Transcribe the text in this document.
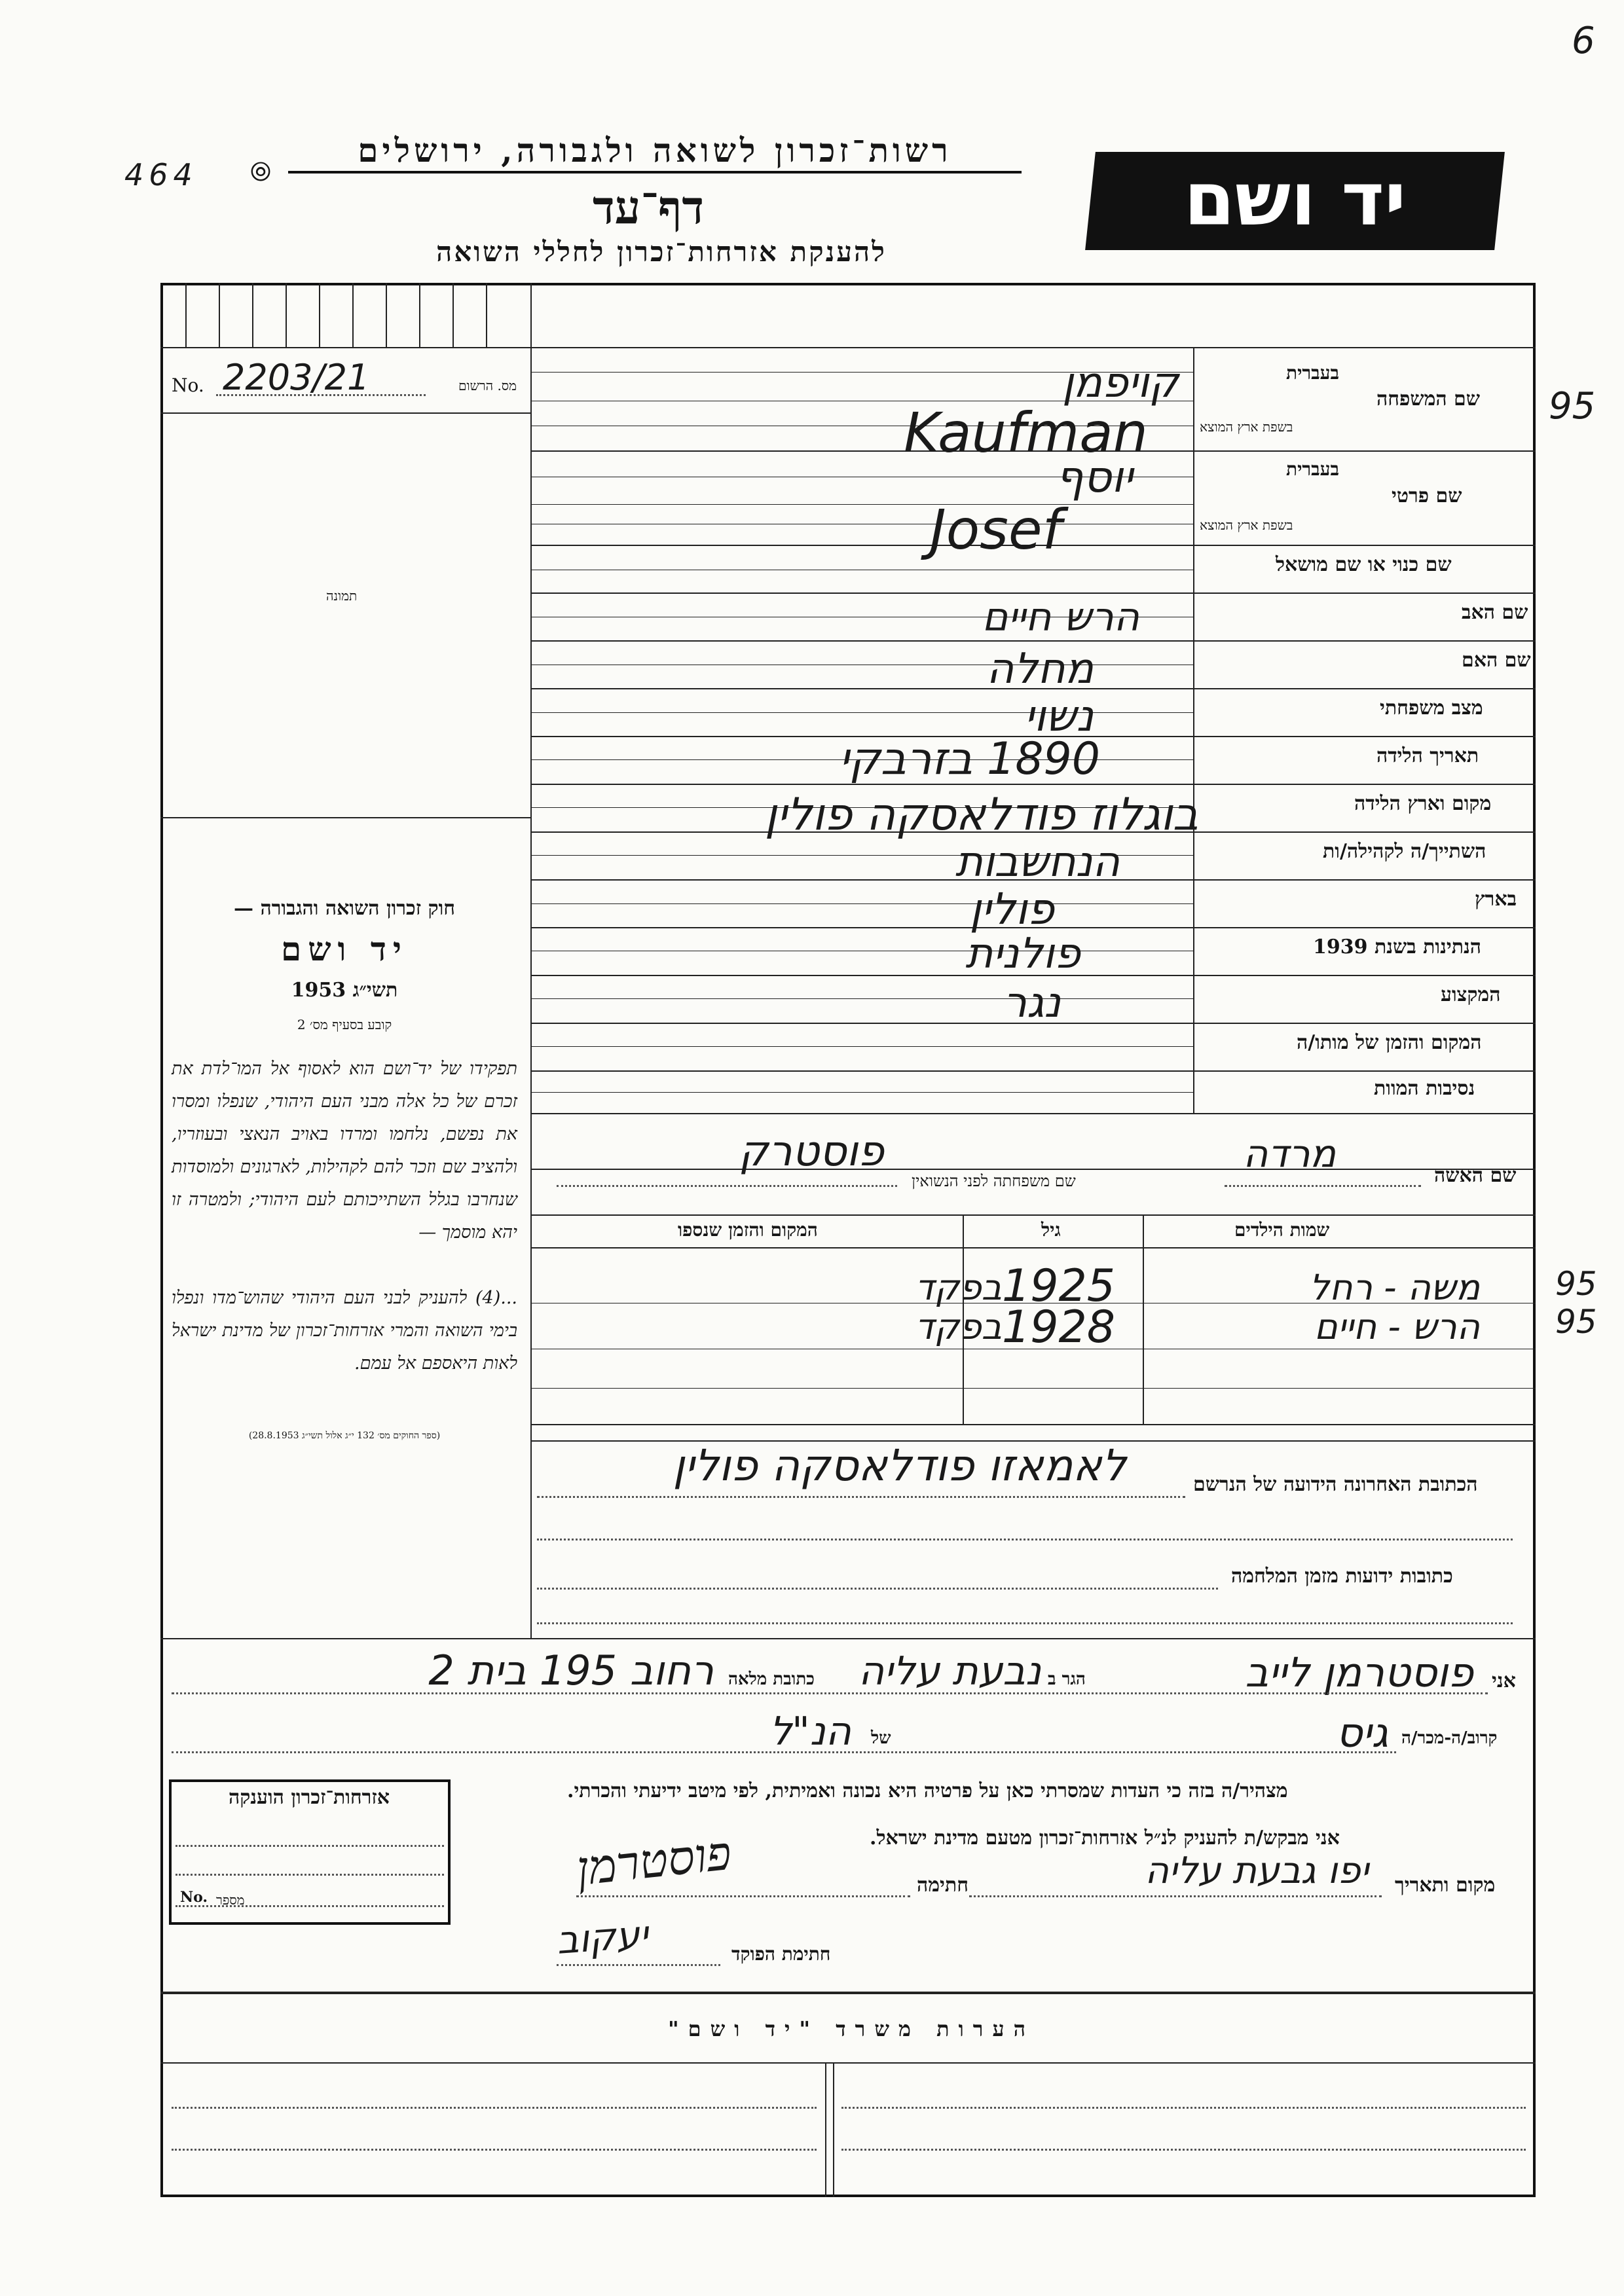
6
464 ⦾
רשות־זכרון לשואה ולגבורה, ירושלים
דף־עד
להענקת אזרחות־זכרון לחללי השואה
יד ושם
מס. הרשום
No. 2203/21
תמונה
חוק זכרון השואה והגבורה —
יד ושם
תשי״ג 1953
קובע בסעיף מס׳ 2
תפקידו של יד־ושם הוא לאסוף אל המו־לדת את זכרם של כל אלה מבני העם היהודי, שנפלו ומסרו את נפשם, נלחמו ומרדו באויב הנאצי ובעוזריו, ולהציב שם וזכר להם לקהילות, לארגונים ולמוסדות שנחרבו בגלל השתייכותם לעם היהודי; ולמטרה זו יהא מוסמך —
...(4) להעניק לבני העם היהודי שהוש־מדו ונפלו בימי השואה והמרי אזרחות־זכרון של מדינת ישראל לאות היאספם אל עמם.
(ספר החוקים מס׳ 132 י״ג אלול תשי״ג 28.8.1953)
בעברית
שם המשפחה
בשפת ארץ המוצא
בעברית
שם פרטי
בשפת ארץ המוצא
שם כנוי או שם מושאל
שם האב
שם האם
מצב משפחתי
תאריך הלידה
מקום וארץ הלידה
השתייך/ה לקהילה/ות
בארץ
הנתינות בשנת 1939
המקצוע
המקום והזמן של מותו/ה
נסיבות המוות
קויפמן
Kaufman
יוסף
Josef
הרש חיים
מחלה
נשוי
1890 בזרבקי
בוגלוז פודלאסקה פולין
הנחשבות
פולין
פולנית
נגר
95
שם האשה
מרדה
שם משפחתה לפני הנשואין
פוסטרק
שמות הילדים
גיל
המקום והזמן שנספו
משה - רחל
1925
בפקד	95
הרש - חיים
1928
בפקד	95
הכתובת האחרונה הידועה של הנרשם
לאמאזו פודלאסקה פולין
כתובות ידועות מזמן המלחמה
אני
פוסטרמן לייב
הגר ב
נבעת עליה
כתובת מלאה
רחוב 195 בית 2
קרוב/ה-מכר/ה
גיס
של
הנ"ל
מצהיר/ה בזה כי העדות שמסרתי כאן על פרטיה היא נכונה ואמיתית, לפי מיטב ידיעתי והכרתי.
אני מבקש/ת להעניק לנ״ל אזרחות־זכרון מטעם מדינת ישראל.
מקום ותאריך
יפו גבעת עליה
חתימה
פוסטרמן
חתימת הפוקד
יעקוב
אזרחות־זכרון הוענקה
No. מספר
הערות משרד "יד ושם"
